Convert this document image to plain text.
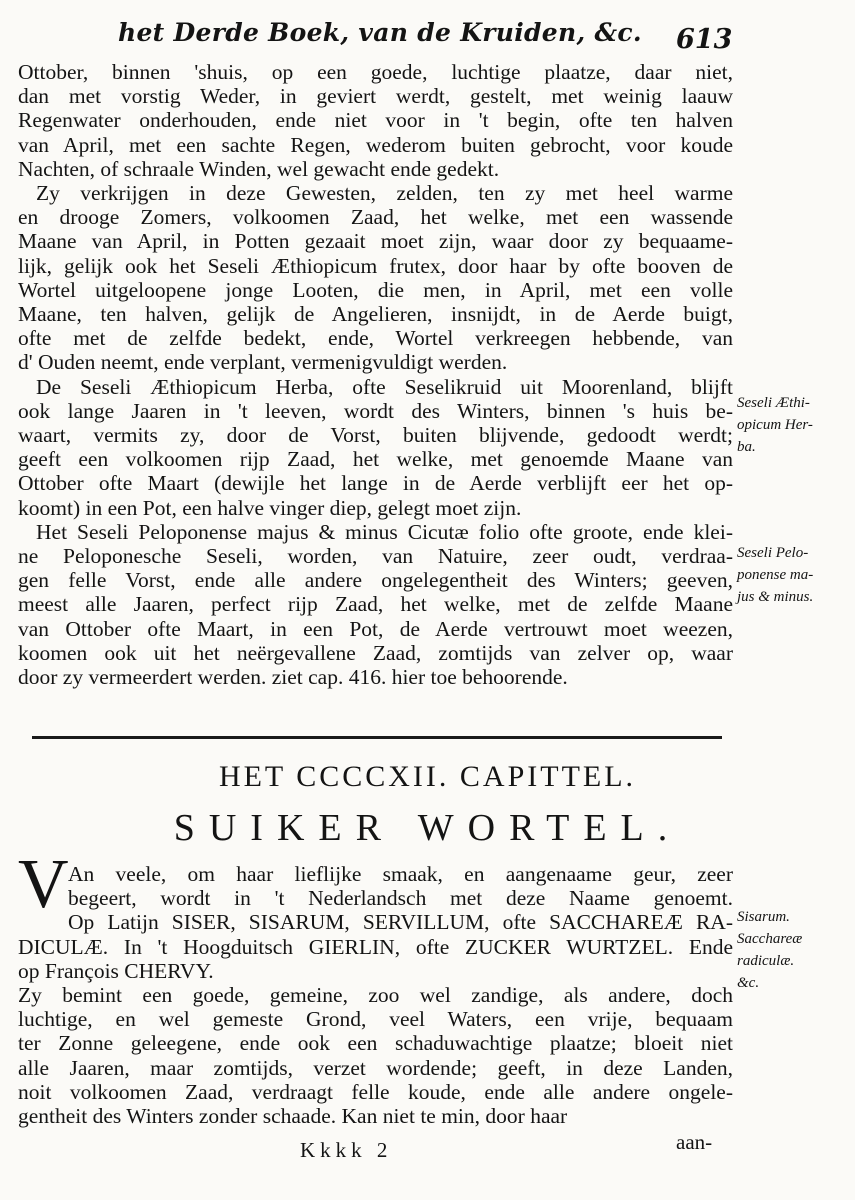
het Derde Boek, van de Kruiden, &c. 613
Ottober, binnen 'shuis, op een goede, luchtige plaatze, daar niet,
dan met vorstig Weder, in geviert werdt, gestelt, met weinig laauw
Regenwater onderhouden, ende niet voor in 't begin, ofte ten halven
van April, met een sachte Regen, wederom buiten gebrocht, voor koude
Nachten, of schraale Winden, wel gewacht ende gedekt.
Zy verkrijgen in deze Gewesten, zelden, ten zy met heel warme
en drooge Zomers, volkoomen Zaad, het welke, met een wassende
Maane van April, in Potten gezaait moet zijn, waar door zy bequaame-
lijk, gelijk ook het Seseli Æthiopicum frutex, door haar by ofte booven de
Wortel uitgeloopene jonge Looten, die men, in April, met een volle
Maane, ten halven, gelijk de Angelieren, insnijdt, in de Aerde buigt,
ofte met de zelfde bedekt, ende, Wortel verkreegen hebbende, van
d' Ouden neemt, ende verplant, vermenigvuldigt werden.
De Seseli Æthiopicum Herba, ofte Seselikruid uit Moorenland, blijft
ook lange Jaaren in 't leeven, wordt des Winters, binnen 's huis be-
waart, vermits zy, door de Vorst, buiten blijvende, gedoodt werdt;
geeft een volkoomen rijp Zaad, het welke, met genoemde Maane van
Ottober ofte Maart (dewijle het lange in de Aerde verblijft eer het op-
koomt) in een Pot, een halve vinger diep, gelegt moet zijn.
Het Seseli Peloponense majus & minus Cicutæ folio ofte groote, ende klei-
ne Peloponesche Seseli, worden, van Natuire, zeer oudt, verdraa-
gen felle Vorst, ende alle andere ongelegentheit des Winters; geeven,
meest alle Jaaren, perfect rijp Zaad, het welke, met de zelfde Maane
van Ottober ofte Maart, in een Pot, de Aerde vertrouwt moet weezen,
koomen ook uit het neërgevallene Zaad, zomtijds van zelver op, waar
door zy vermeerdert werden. ziet cap. 416. hier toe behoorende.
Seseli Æthi-
opicum Her-
ba.
Seseli Pelo-
ponense ma-
jus & minus.
HET CCCCXII. CAPITTEL.
SUIKER WORTEL.
V An veele, om haar lieflijke smaak, en aangenaame geur, zeer
begeert, wordt in 't Nederlandsch met deze Naame genoemt.
Op Latijn SISER, SISARUM, SERVILLUM, ofte SACCHAREÆ RA-
DICULÆ. In 't Hoogduitsch GIERLIN, ofte ZUCKER WURTZEL. Ende
op François CHERVY.
Zy bemint een goede, gemeine, zoo wel zandige, als andere, doch
luchtige, en wel gemeste Grond, veel Waters, een vrije, bequaam
ter Zonne geleegene, ende ook een schaduwachtige plaatze; bloeit niet
alle Jaaren, maar zomtijds, verzet wordende; geeft, in deze Landen,
noit volkoomen Zaad, verdraagt felle koude, ende alle andere ongele-
gentheit des Winters zonder schaade. Kan niet te min, door haar
Sisarum.
Sacchareæ
radiculæ.
&c.
Kkkk 2	aan-
